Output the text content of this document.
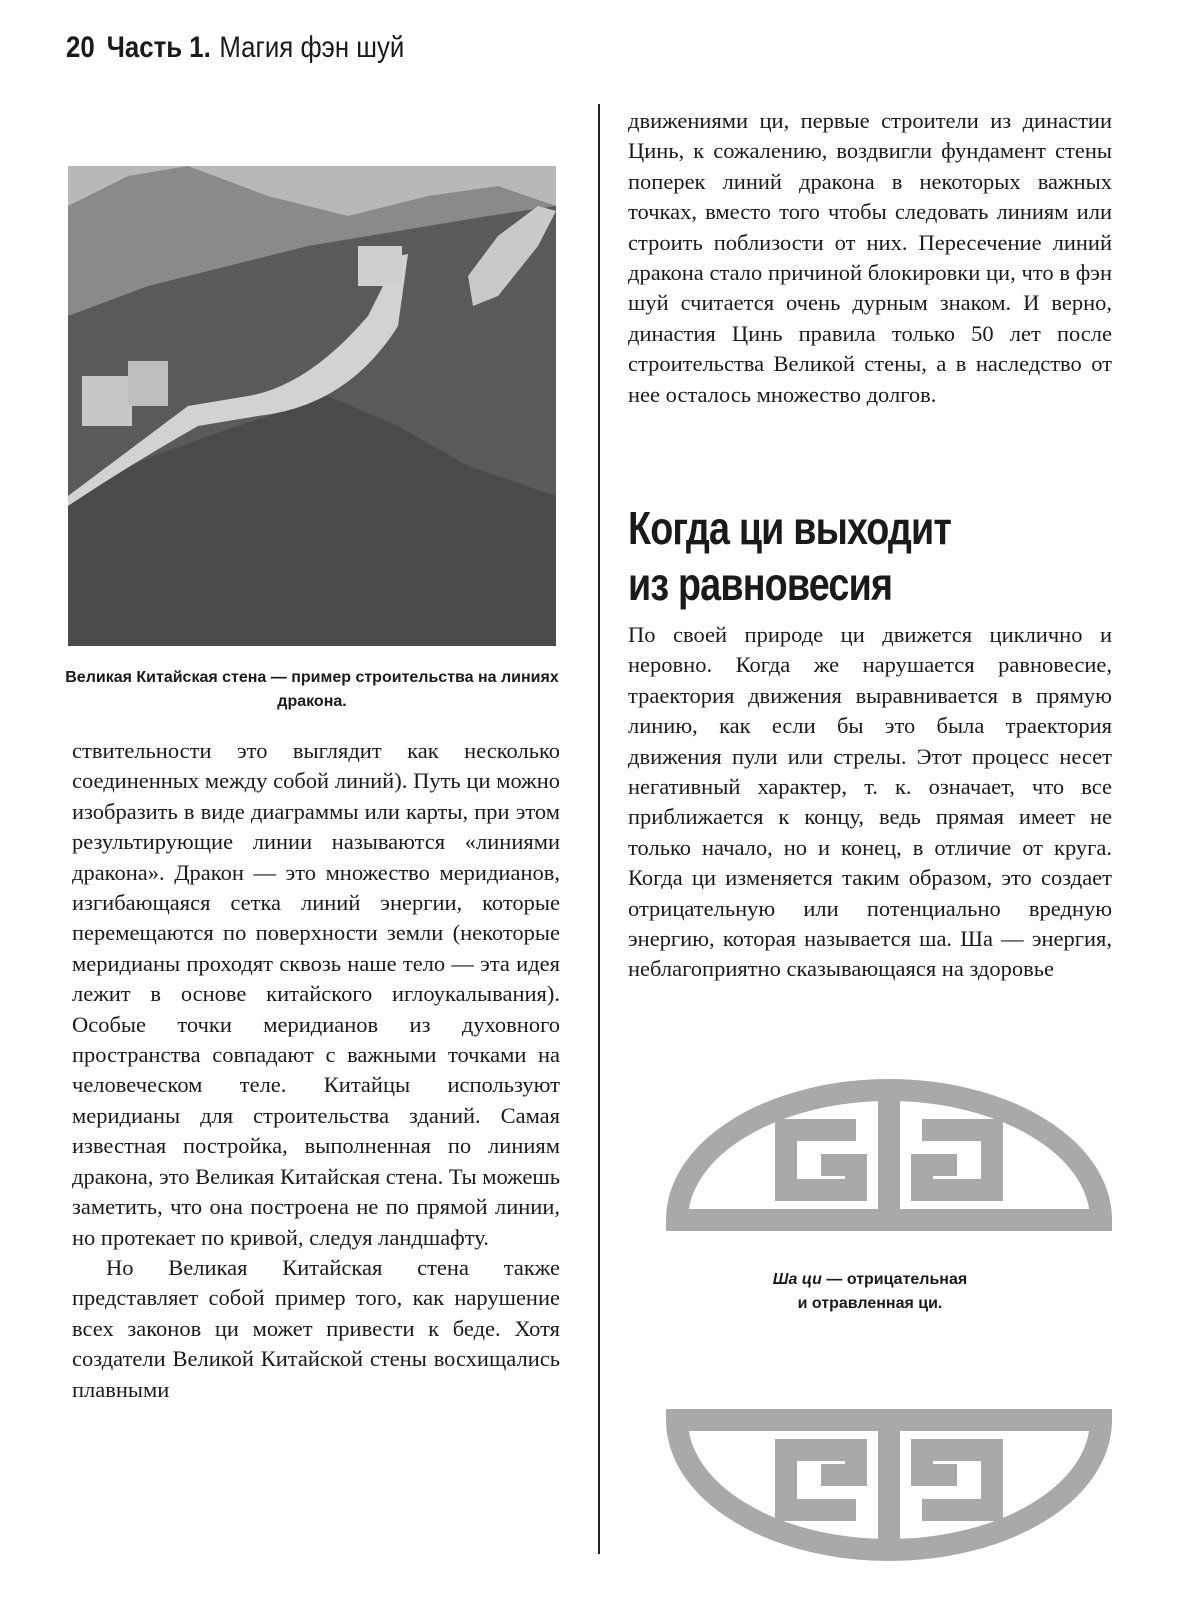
20 Часть 1. Магия фэн шуй
Великая Китайская стена — пример строительства на линиях дракона.

ствительности это выглядит как несколько соединенных между собой линий). Путь ци можно изобразить в виде диаграммы или карты, при этом результирующие линии называются «линиями дракона». Дракон — это множество меридианов, изгибающаяся сетка линий энергии, которые перемещаются по поверхности земли (некоторые меридианы проходят сквозь наше тело — эта идея лежит в основе китайского иглоукалывания). Особые точки меридианов из духовного пространства совпадают с важными точками на человеческом теле. Китайцы используют меридианы для строительства зданий. Самая известная постройка, выполненная по линиям дракона, это Великая Китайская стена. Ты можешь заметить, что она построена не по прямой линии, но протекает по кривой, следуя ландшафту.

Но Великая Китайская стена также представляет собой пример того, как нарушение всех законов ци может привести к беде. Хотя создатели Великой Китайской стены восхищались плавными

движениями ци, первые строители из династии Цинь, к сожалению, воздвигли фундамент стены поперек линий дракона в некоторых важных точках, вместо того чтобы следовать линиям или строить поблизости от них. Пересечение линий дракона стало причиной блокировки ци, что в фэн шуй считается очень дурным знаком. И верно, династия Цинь правила только 50 лет после строительства Великой стены, а в наследство от нее осталось множество долгов.

Когда ци выходит
из равновесия

По своей природе ци движется циклично и неровно. Когда же нарушается равновесие, траектория движения выравнивается в прямую линию, как если бы это была траектория движения пули или стрелы. Этот процесс несет негативный характер, т. к. означает, что все приближается к концу, ведь прямая имеет не только начало, но и конец, в отличие от круга. Когда ци изменяется таким образом, это создает отрицательную или потенциально вредную энергию, которая называется ша. Ша — энергия, неблагоприятно сказывающаяся на здоровье

Ша ци — отрицательная
и отравленная ци.
